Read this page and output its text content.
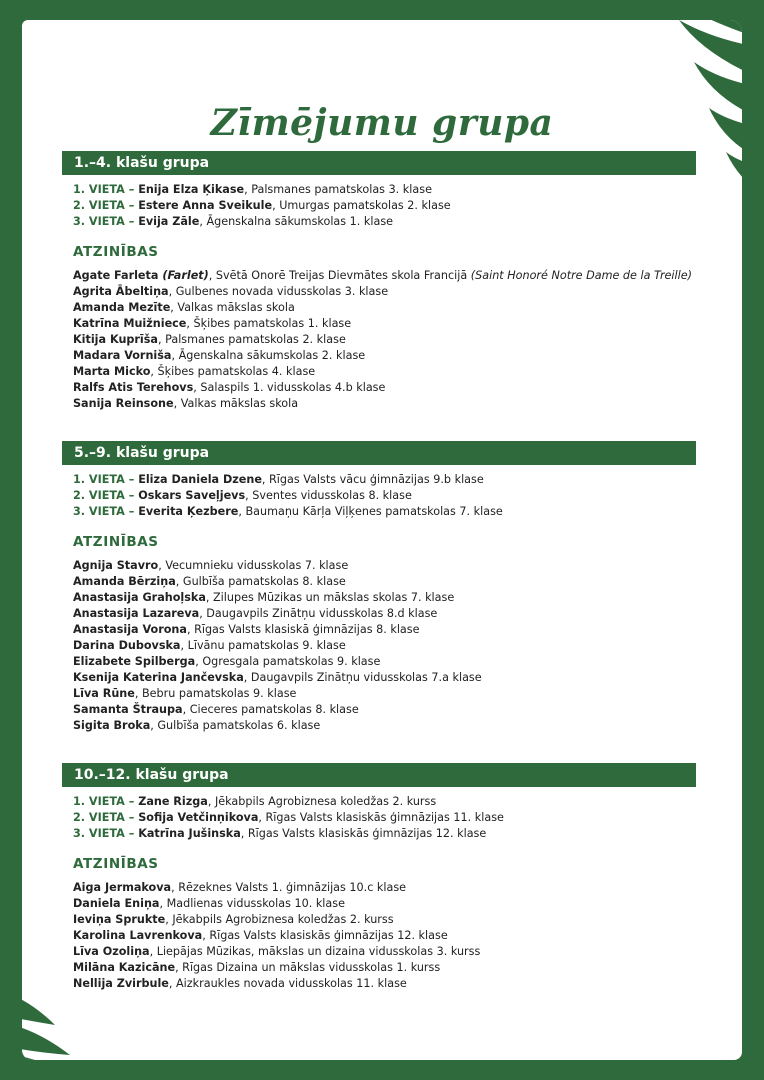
Zīmējumu grupa
1.–4. klašu grupa
1. VIETA – Enija Elza Ķikase, Palsmanes pamatskolas 3. klase
2. VIETA – Estere Anna Sveikule, Umurgas pamatskolas 2. klase
3. VIETA – Evija Zāle, Āgenskalna sākumskolas 1. klase
ATZINĪBAS
Agate Farleta (Farlet), Svētā Onorē Treijas Dievmātes skola Francijā (Saint Honoré Notre Dame de la Treille)
Agrita Ābeltiņa, Gulbenes novada vidusskolas 3. klase
Amanda Mezīte, Valkas mākslas skola
Katrīna Muižniece, Šķibes pamatskolas 1. klase
Kitija Kuprīša, Palsmanes pamatskolas 2. klase
Madara Vorniša, Āgenskalna sākumskolas 2. klase
Marta Micko, Šķibes pamatskolas 4. klase
Ralfs Atis Terehovs, Salaspils 1. vidusskolas 4.b klase
Sanija Reinsone, Valkas mākslas skola
5.–9. klašu grupa
1. VIETA – Eliza Daniela Dzene, Rīgas Valsts vācu ģimnāzijas 9.b klase
2. VIETA – Oskars Saveļjevs, Sventes vidusskolas 8. klase
3. VIETA – Everita Ķezbere, Baumaņu Kārļa Viļķenes pamatskolas 7. klase
ATZINĪBAS
Agnija Stavro, Vecumnieku vidusskolas 7. klase
Amanda Bērziņa, Gulbīša pamatskolas 8. klase
Anastasija Grahoļska, Zilupes Mūzikas un mākslas skolas 7. klase
Anastasija Lazareva, Daugavpils Zinātņu vidusskolas 8.d klase
Anastasija Vorona, Rīgas Valsts klasiskā ģimnāzijas 8. klase
Darina Dubovska, Līvānu pamatskolas 9. klase
Elizabete Spilberga, Ogresgala pamatskolas 9. klase
Ksenija Katerina Jančevska, Daugavpils Zinātņu vidusskolas 7.a klase
Līva Rūne, Bebru pamatskolas 9. klase
Samanta Štraupa, Cieceres pamatskolas 8. klase
Sigita Broka, Gulbīša pamatskolas 6. klase
10.–12. klašu grupa
1. VIETA – Zane Rizga, Jēkabpils Agrobiznesa koledžas 2. kurss
2. VIETA – Sofija Vetčinņikova, Rīgas Valsts klasiskās ģimnāzijas 11. klase
3. VIETA – Katrīna Jušinska, Rīgas Valsts klasiskās ģimnāzijas 12. klase
ATZINĪBAS
Aiga Jermakova, Rēzeknes Valsts 1. ģimnāzijas 10.c klase
Daniela Eniņa, Madlienas vidusskolas 10. klase
Ieviņa Sprukte, Jēkabpils Agrobiznesa koledžas 2. kurss
Karolina Lavrenkova, Rīgas Valsts klasiskās ģimnāzijas 12. klase
Līva Ozoliņa, Liepājas Mūzikas, mākslas un dizaina vidusskolas 3. kurss
Milāna Kazicāne, Rīgas Dizaina un mākslas vidusskolas 1. kurss
Nellija Zvirbule, Aizkraukles novada vidusskolas 11. klase
